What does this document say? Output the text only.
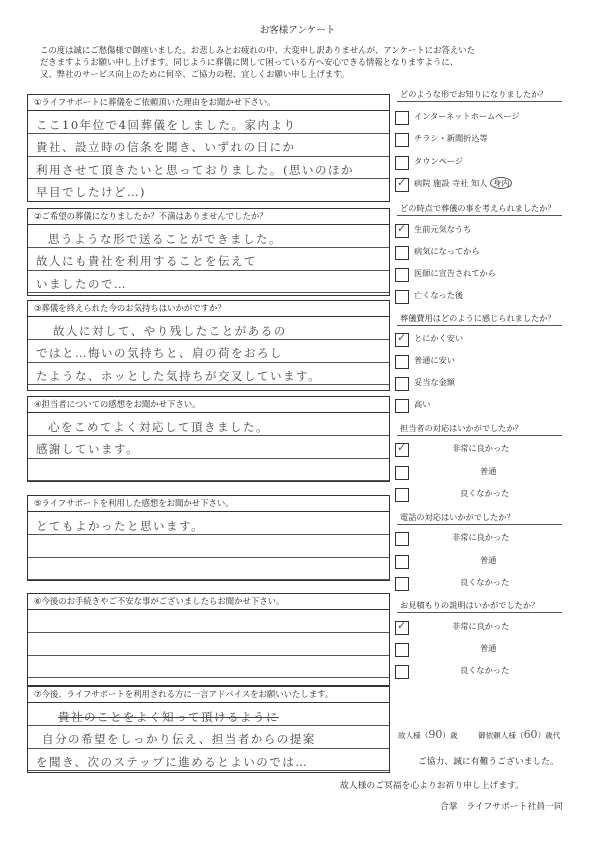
お客様アンケート
この度は誠にご愁傷様で御座いました。お悲しみとお疲れの中、大変申し訳ありませんが、アンケートにお答えいた
だきますようお願い申し上げます。同じように葬儀に関して困っている方へ安心できる情報となりますように、
又、弊社のサービス向上のために何卒、ご協力の程、宜しくお願い申し上げます。
①ライフサポートに葬儀をご依頼頂いた理由をお聞かせ下さい。
ここ10年位で4回葬儀をしました。家内より
貴社、設立時の信条を聞き、いずれの日にか
利用させて頂きたいと思っておりました。(思いのほか
早目でしたけど…)
②ご希望の葬儀になりましたか？不満はありませんでしたか？
思うような形で送ることができました。
故人にも貴社を利用することを伝えて
いましたので…
③葬儀を終えられた今のお気持ちはいかがですか？
故人に対して、やり残したことがあるの
ではと…悔いの気持ちと、肩の荷をおろし
たような、ホッとした気持ちが交叉しています。
④担当者についての感想をお聞かせ下さい。
心をこめてよく対応して頂きました。
感謝しています。
⑤ライフサポートを利用した感想をお聞かせ下さい。
とてもよかったと思います。
⑥今後のお手続きやご不安な事がございましたらお聞かせ下さい。
⑦今後、ライフサポートを利用される方に一言アドバイスをお願いいたします。
貴社のことをよく知って頂けるように
自分の希望をしっかり伝え、担当者からの提案
を聞き、次のステップに進めるとよいのでは…
どのような形でお知りになりましたか？
インターネットホームページ
チラシ・新聞折込等
タウンページ
✓ 病院 施設 寺社 知人 身内
どの時点で葬儀の事を考えられましたか？
✓ 生前元気なうち
病気になってから
医師に宣告されてから
亡くなった後
葬儀費用はどのように感じられましたか？
✓ とにかく安い
普通に安い
妥当な金額
高い
担当者の対応はいかがでしたか？
✓	非常に良かった
普通
良くなかった
電話の対応はいかがでしたか？
非常に良かった
普通
良くなかった
お見積もりの説明はいかがでしたか？
✓	非常に良かった
普通
良くなかった
故人様（90）歳	御依頼人様（60）歳代
ご協力、誠に有難うございました。
故人様のご冥福を心よりお祈り申し上げます。
合掌　ライフサポート社員一同
